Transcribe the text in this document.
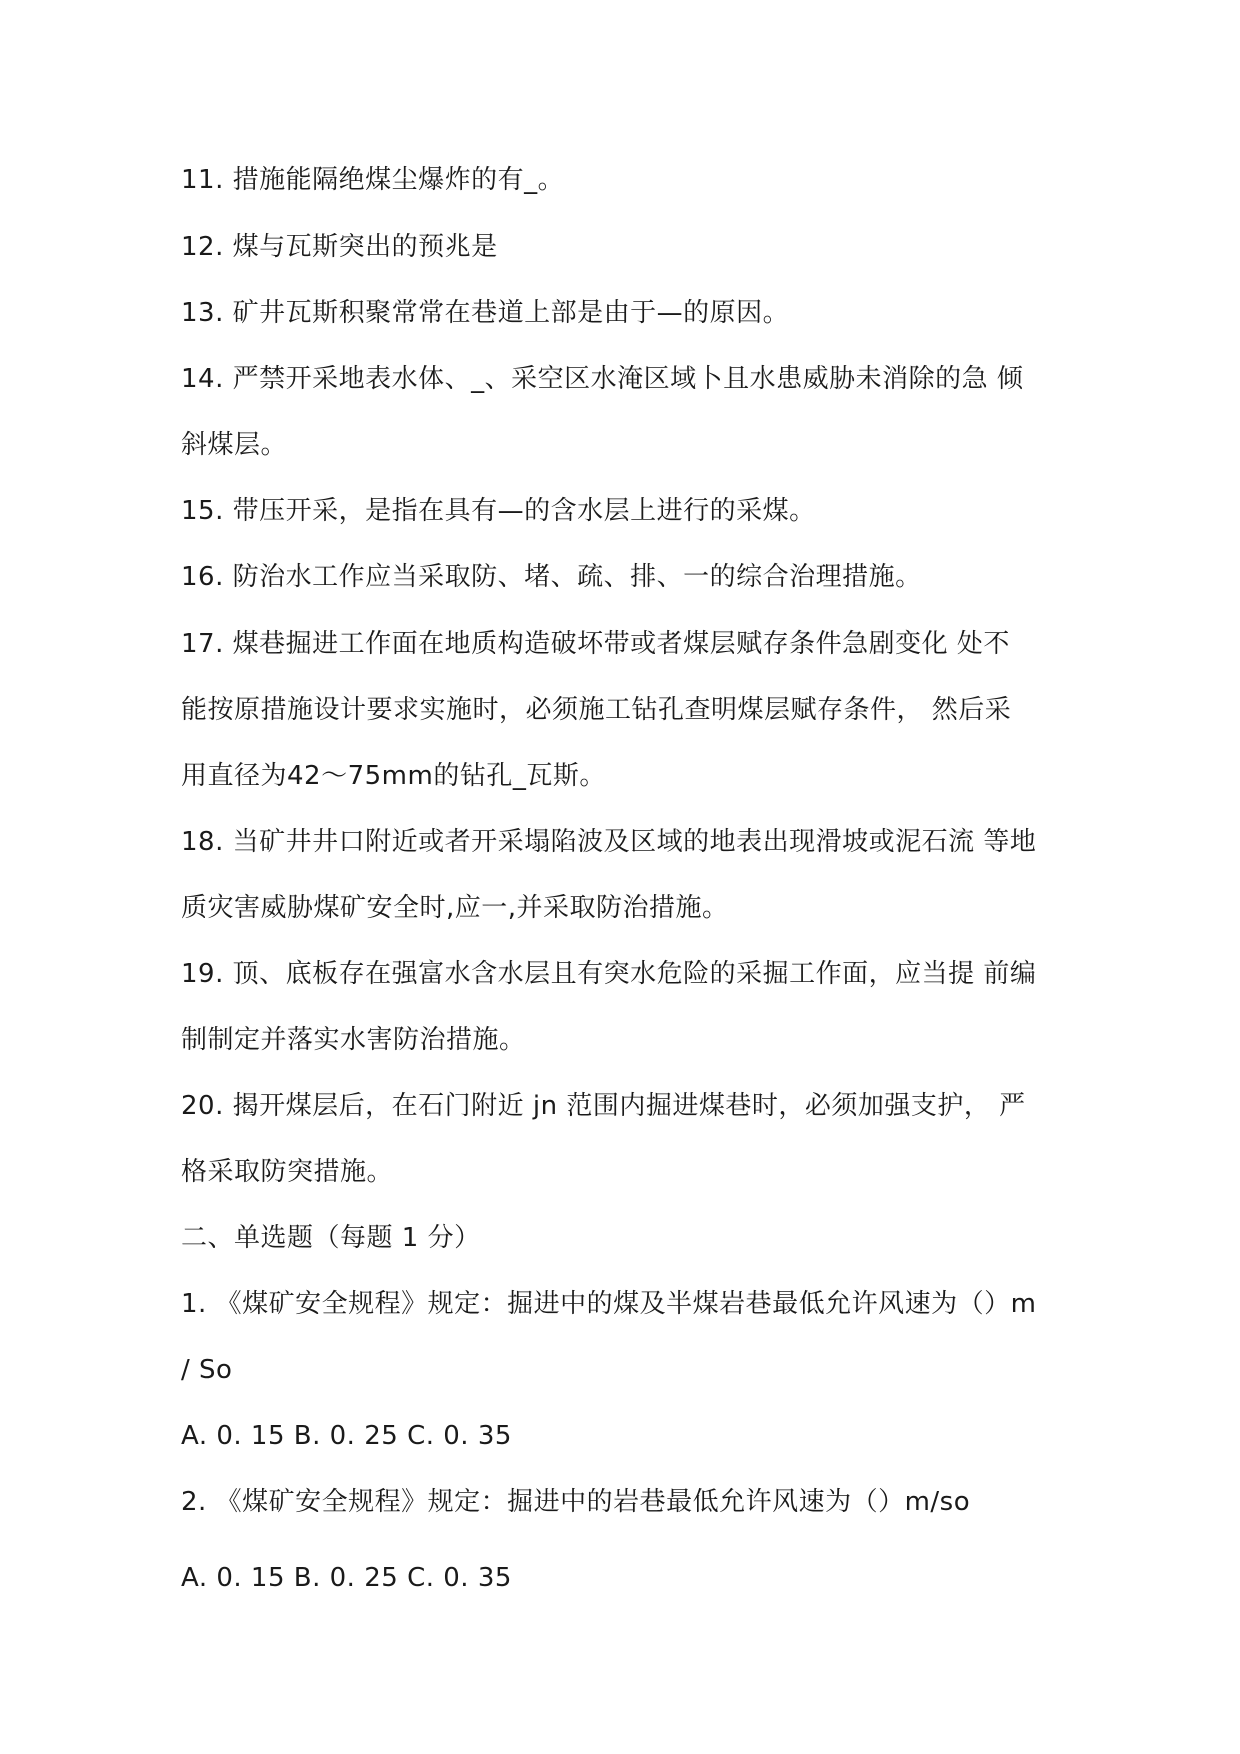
11. 措施能隔绝煤尘爆炸的有_。
12. 煤与瓦斯突出的预兆是
13. 矿井瓦斯积聚常常在巷道上部是由于—的原因。
14. 严禁开采地表水体、_、采空区水淹区域卜且水患威胁未消除的急 倾
斜煤层。
15. 带压开采，是指在具有—的含水层上进行的采煤。
16. 防治水工作应当采取防、堵、疏、排、一的综合治理措施。
17. 煤巷掘进工作面在地质构造破坏带或者煤层赋存条件急剧变化 处不
能按原措施设计要求实施时，必须施工钻孔查明煤层赋存条件， 然后采
用直径为42～75mm的钻孔_瓦斯。
18. 当矿井井口附近或者开采塌陷波及区域的地表出现滑坡或泥石流 等地
质灾害威胁煤矿安全时,应一,并采取防治措施。
19. 顶、底板存在强富水含水层且有突水危险的采掘工作面，应当提 前编
制制定并落实水害防治措施。
20. 揭开煤层后，在石门附近 jn 范围内掘进煤巷时，必须加强支护， 严
格采取防突措施。
二、单选题（每题 1 分）
1. 《煤矿安全规程》规定：掘进中的煤及半煤岩巷最低允许风速为（）m
/ So
A. 0. 15 B. 0. 25 C. 0. 35
2. 《煤矿安全规程》规定：掘进中的岩巷最低允许风速为（）m/so
A. 0. 15 B. 0. 25 C. 0. 35
